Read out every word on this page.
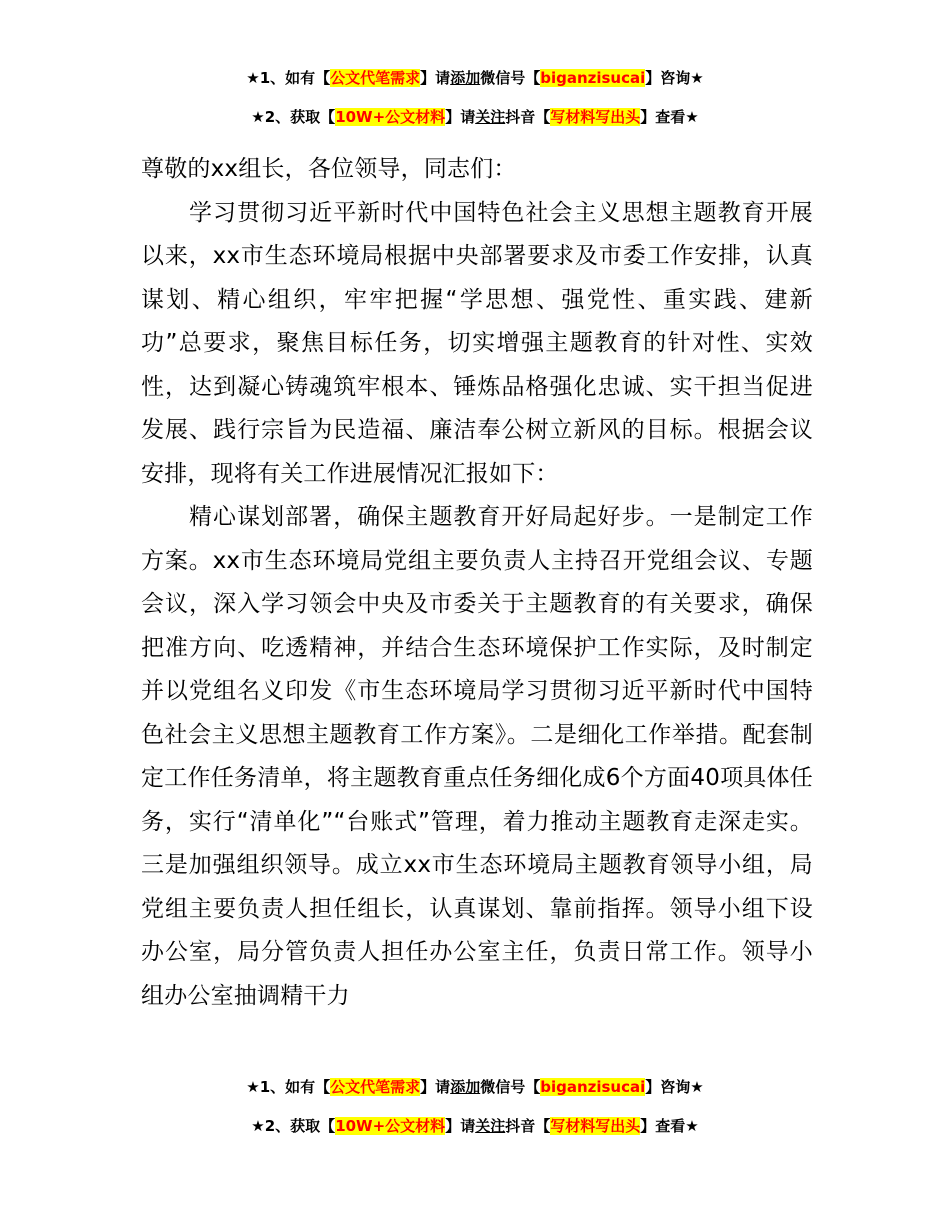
★1、如有【公文代笔需求】请添加微信号【biganzisucai】咨询★
★2、获取【10W+公文材料】请关注抖音【写材料写出头】查看★

尊敬的xx组长，各位领导，同志们：

学习贯彻习近平新时代中国特色社会主义思想主题教育开展以来，xx市生态环境局根据中央部署要求及市委工作安排，认真谋划、精心组织，牢牢把握“学思想、强党性、重实践、建新功”总要求，聚焦目标任务，切实增强主题教育的针对性、实效性，达到凝心铸魂筑牢根本、锤炼品格强化忠诚、实干担当促进发展、践行宗旨为民造福、廉洁奉公树立新风的目标。根据会议安排，现将有关工作进展情况汇报如下：

精心谋划部署，确保主题教育开好局起好步。一是制定工作方案。xx市生态环境局党组主要负责人主持召开党组会议、专题会议，深入学习领会中央及市委关于主题教育的有关要求，确保把准方向、吃透精神，并结合生态环境保护工作实际，及时制定并以党组名义印发《市生态环境局学习贯彻习近平新时代中国特色社会主义思想主题教育工作方案》。二是细化工作举措。配套制定工作任务清单，将主题教育重点任务细化成6个方面40项具体任务，实行“清单化”“台账式”管理，着力推动主题教育走深走实。三是加强组织领导。成立xx市生态环境局主题教育领导小组，局党组主要负责人担任组长，认真谋划、靠前指挥。领导小组下设办公室，局分管负责人担任办公室主任，负责日常工作。领导小组办公室抽调精干力

★1、如有【公文代笔需求】请添加微信号【biganzisucai】咨询★
★2、获取【10W+公文材料】请关注抖音【写材料写出头】查看★
